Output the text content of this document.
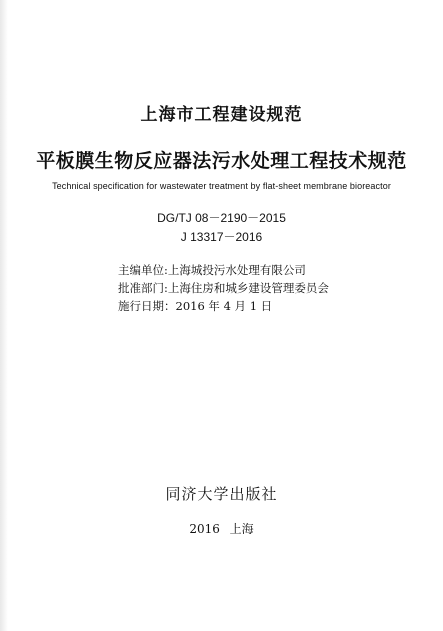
上海市工程建设规范
平板膜生物反应器法污水处理工程技术规范
Technical specification for wastewater treatment by flat-sheet membrane bioreactor
DG/TJ 08－2190－2015
J 13317－2016
主编单位:上海城投污水处理有限公司
批准部门:上海住房和城乡建设管理委员会
施行日期：2016 年 4 月 1 日
同济大学出版社
2016 上海
